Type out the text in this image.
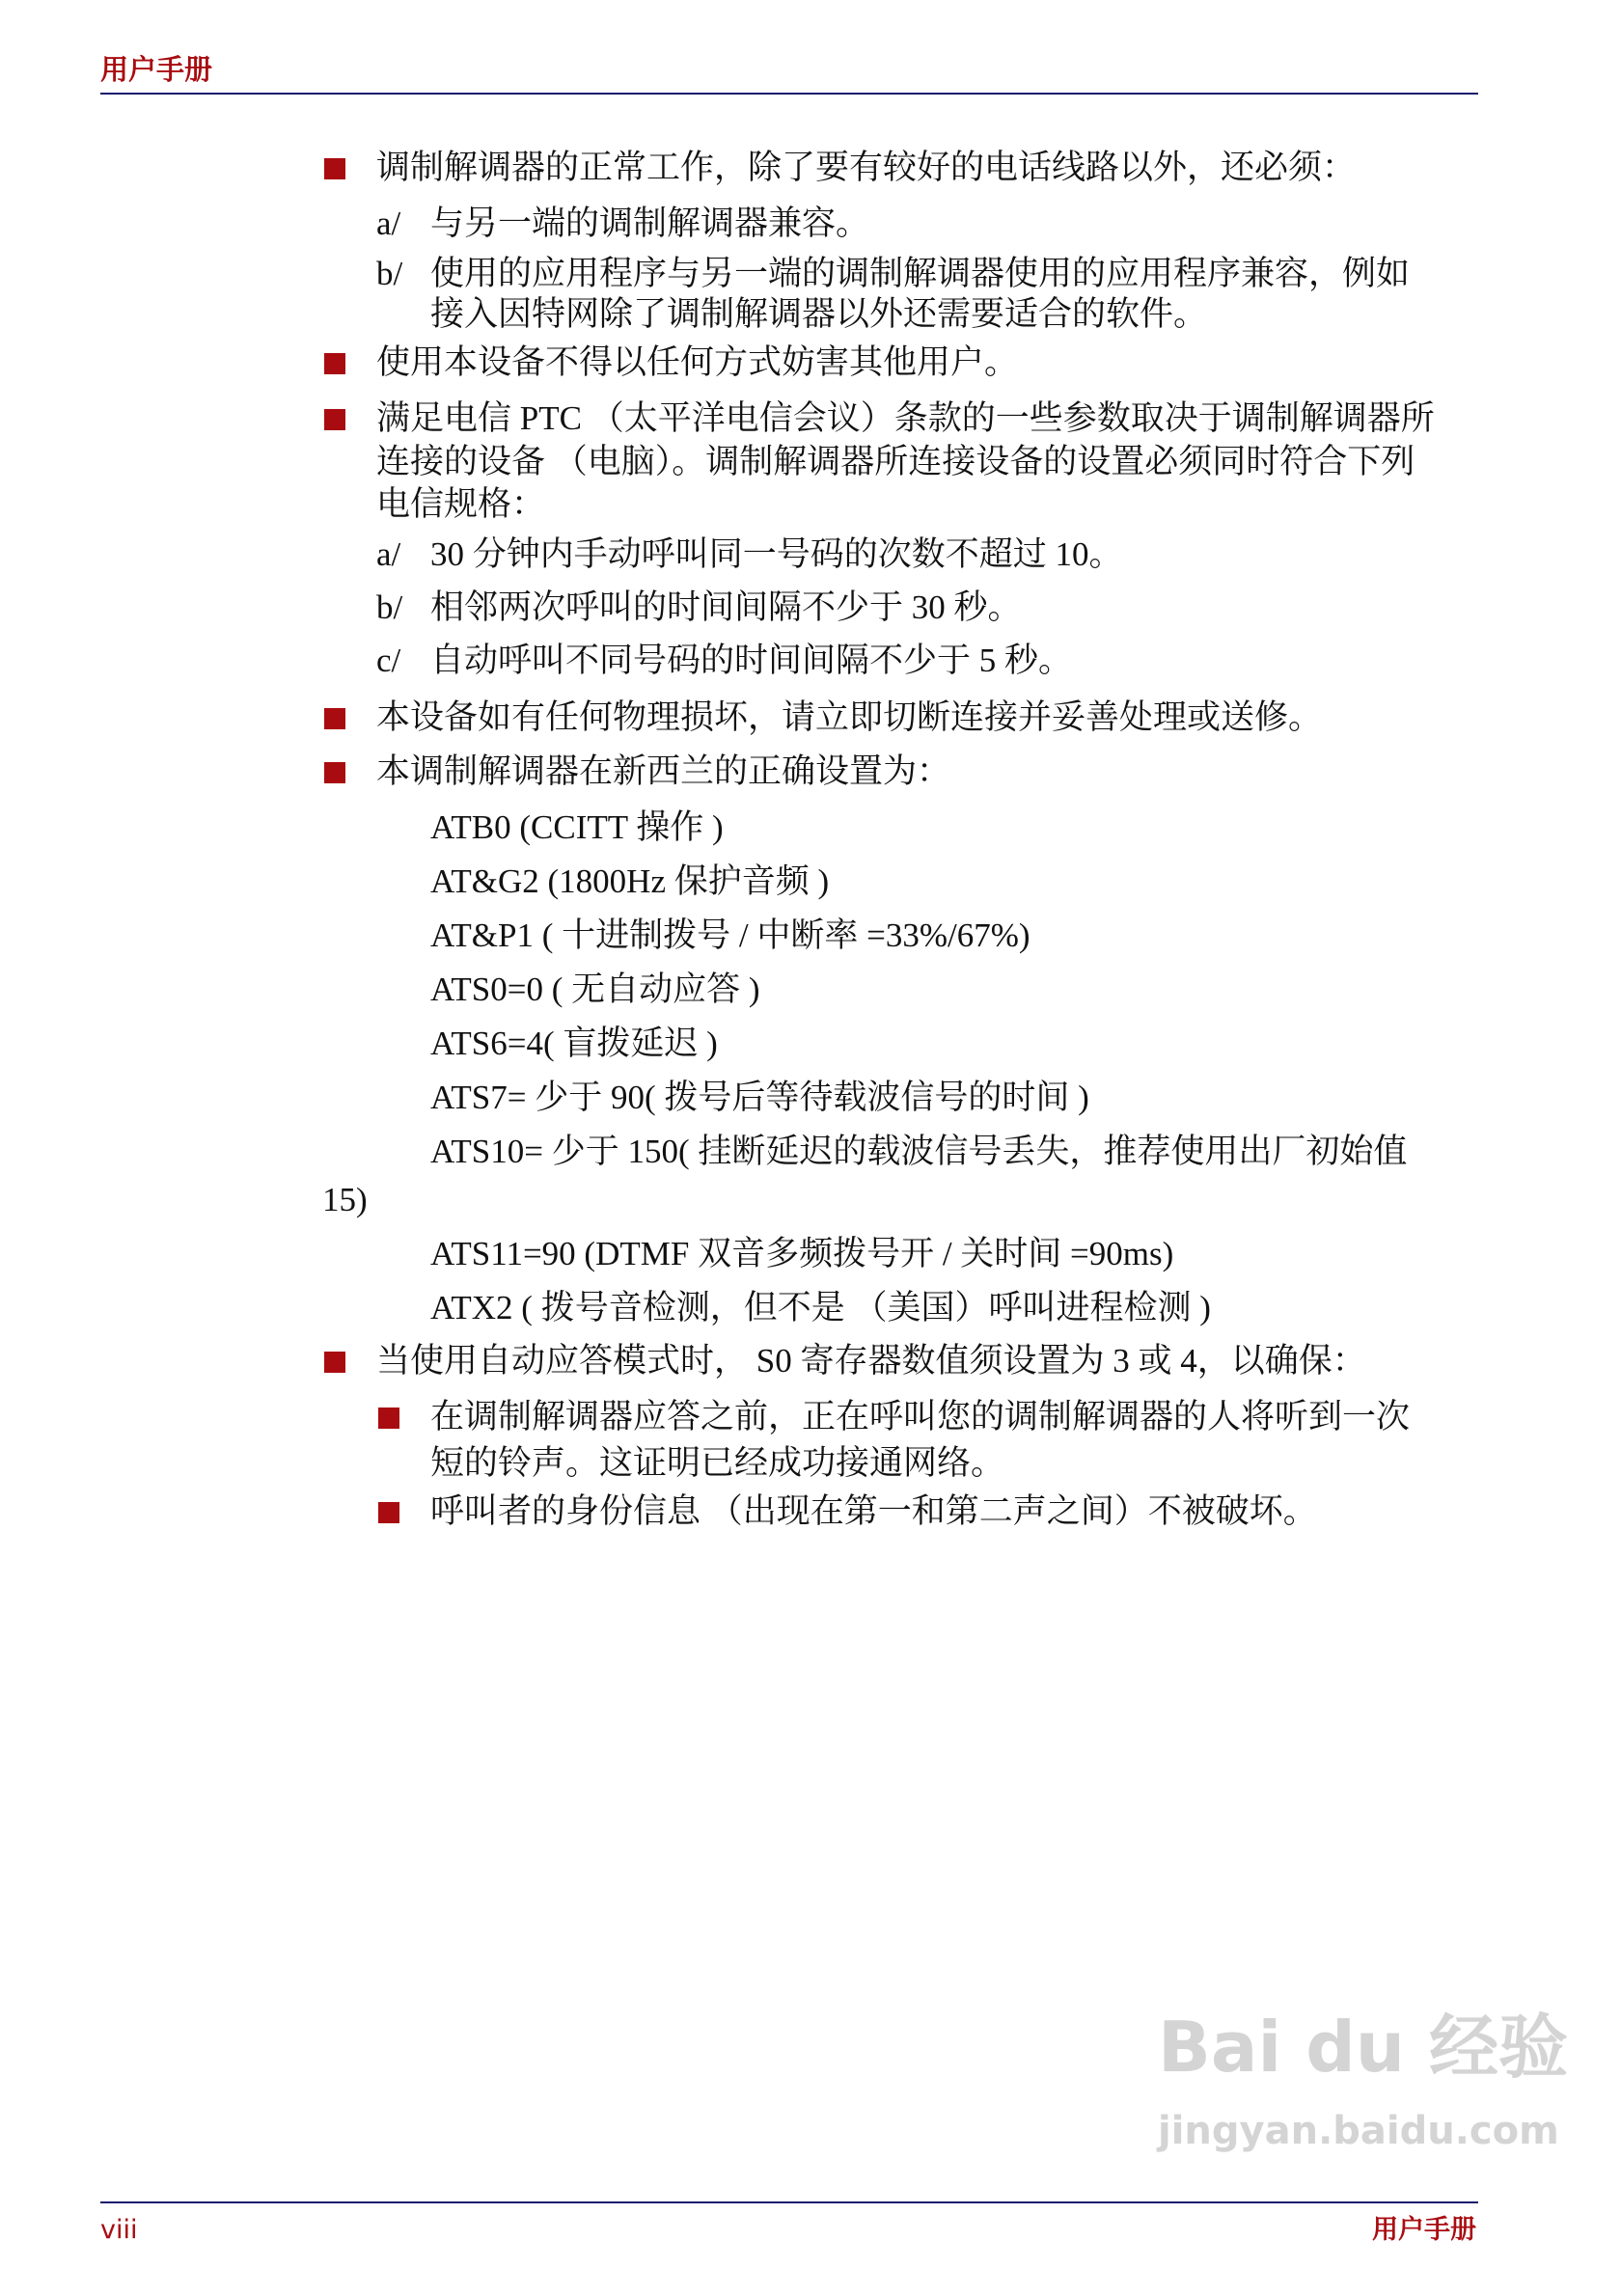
用户手册
调制解调器的正常工作，除了要有较好的电话线路以外，还必须：
a/ 与另一端的调制解调器兼容。
b/ 使用的应用程序与另一端的调制解调器使用的应用程序兼容，例如
接入因特网除了调制解调器以外还需要适合的软件。
使用本设备不得以任何方式妨害其他用户。
满足电信 PTC （太平洋电信会议）条款的一些参数取决于调制解调器所
连接的设备 （电脑）。调制解调器所连接设备的设置必须同时符合下列
电信规格：
a/ 30 分钟内手动呼叫同一号码的次数不超过 10。
b/ 相邻两次呼叫的时间间隔不少于 30 秒。
c/ 自动呼叫不同号码的时间间隔不少于 5 秒。
本设备如有任何物理损坏，请立即切断连接并妥善处理或送修。
本调制解调器在新西兰的正确设置为：
ATB0 (CCITT 操作 )
AT&G2 (1800Hz 保护音频 )
AT&P1 ( 十进制拨号 / 中断率 =33%/67%)
ATS0=0 ( 无自动应答 )
ATS6=4( 盲拨延迟 )
ATS7= 少于 90( 拨号后等待载波信号的时间 )
ATS10= 少于 150( 挂断延迟的载波信号丢失，推荐使用出厂初始值
15)
ATS11=90 (DTMF 双音多频拨号开 / 关时间 =90ms)
ATX2 ( 拨号音检测，但不是 （美国）呼叫进程检测 )
当使用自动应答模式时， S0 寄存器数值须设置为 3 或 4，以确保：
在调制解调器应答之前，正在呼叫您的调制解调器的人将听到一次
短的铃声。这证明已经成功接通网络。
呼叫者的身份信息 （出现在第一和第二声之间）不被破坏。
Bai du 经验
jingyan.baidu.com
viii	用户手册
